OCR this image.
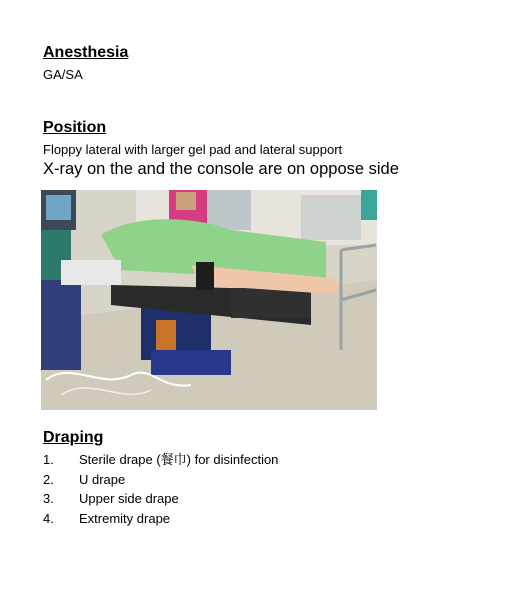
Anesthesia
GA/SA
Position
Floppy lateral with larger gel pad and lateral support
X-ray on the and the console are on oppose side
Draping
1. Sterile drape (餐巾) for disinfection
2. U drape
3. Upper side drape
4. Extremity drape
